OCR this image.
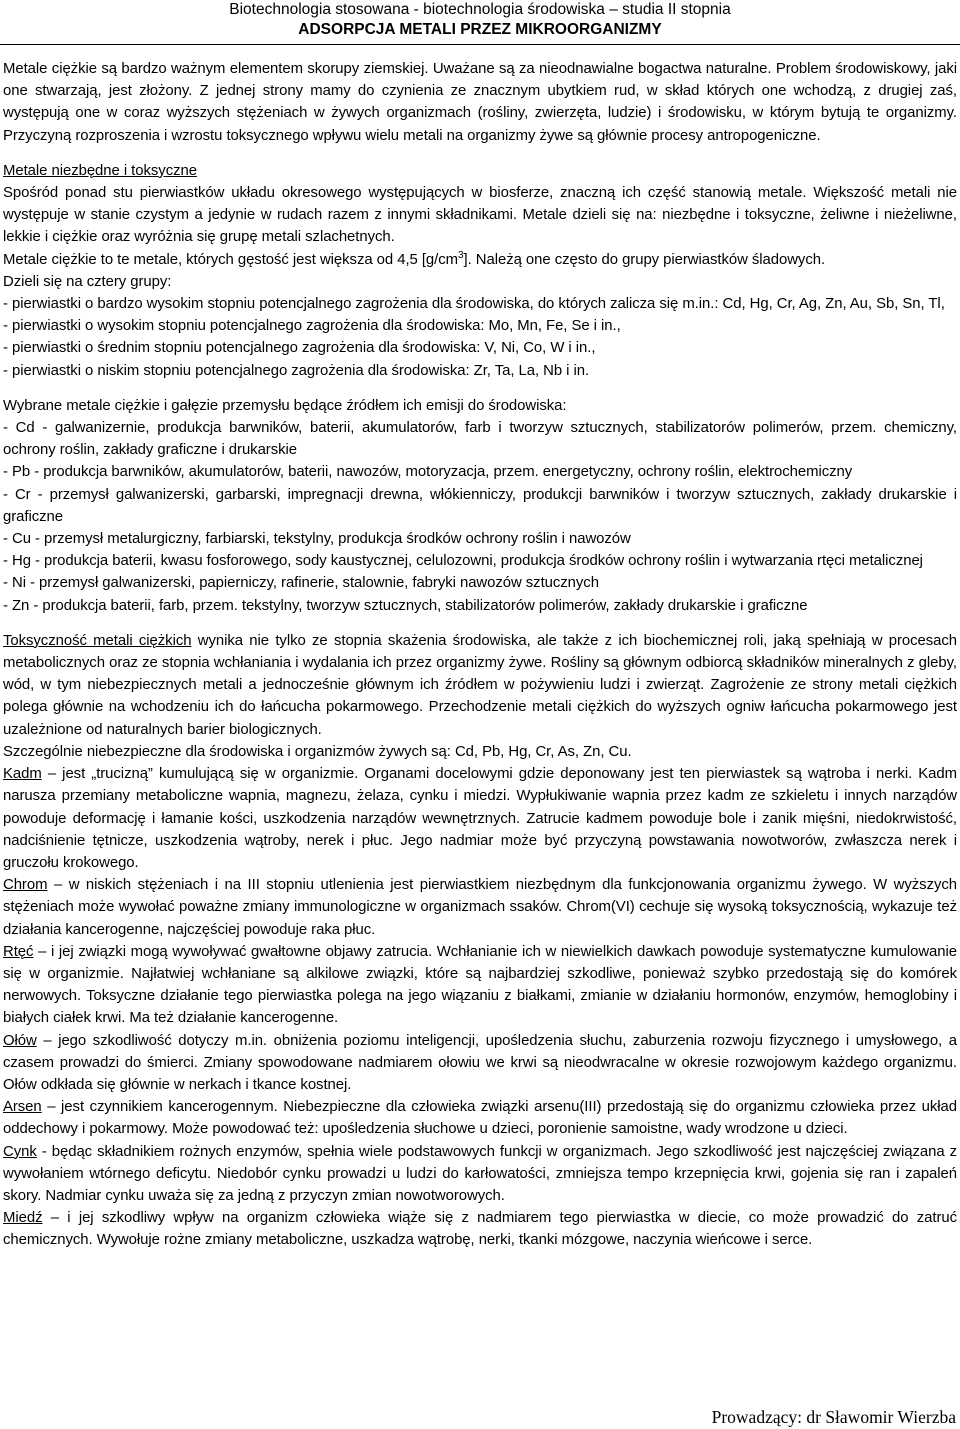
Biotechnologia stosowana - biotechnologia środowiska – studia II stopnia
ADSORPCJA METALI PRZEZ MIKROORGANIZMY

Metale ciężkie są bardzo ważnym elementem skorupy ziemskiej. Uważane są za nieodnawialne bogactwa naturalne. Problem środowiskowy, jaki one stwarzają, jest złożony. Z jednej strony mamy do czynienia ze znacznym ubytkiem rud, w skład których one wchodzą, z drugiej zaś, występują one w coraz wyższych stężeniach w żywych organizmach (rośliny, zwierzęta, ludzie) i środowisku, w którym bytują te organizmy. Przyczyną rozproszenia i wzrostu toksycznego wpływu wielu metali na organizmy żywe są głównie procesy antropogeniczne.

Metale niezbędne i toksyczne

Spośród ponad stu pierwiastków układu okresowego występujących w biosferze, znaczną ich część stanowią metale. Większość metali nie występuje w stanie czystym a jedynie w rudach razem z innymi składnikami. Metale dzieli się na: niezbędne i toksyczne, żeliwne i nieżeliwne, lekkie i ciężkie oraz wyróżnia się grupę metali szlachetnych.

Metale ciężkie to te metale, których gęstość jest większa od 4,5 $[g/cm^3]$. Należą one często do grupy pierwiastków śladowych.

Dzieli się na cztery grupy:

- pierwiastki o bardzo wysokim stopniu potencjalnego zagrożenia dla środowiska, do których zalicza się m.in.: Cd, Hg, Cr, Ag, Zn, Au, Sb, Sn, Tl,

- pierwiastki o wysokim stopniu potencjalnego zagrożenia dla środowiska: Mo, Mn, Fe, Se i in.,

- pierwiastki o średnim stopniu potencjalnego zagrożenia dla środowiska: V, Ni, Co, W i in.,

- pierwiastki o niskim stopniu potencjalnego zagrożenia dla środowiska: Zr, Ta, La, Nb i in.

Wybrane metale ciężkie i gałęzie przemysłu będące źródłem ich emisji do środowiska:

- Cd - galwanizernie, produkcja barwników, baterii, akumulatorów, farb i tworzyw sztucznych, stabilizatorów polimerów, przem. chemiczny, ochrony roślin, zakłady graficzne i drukarskie

- Pb - produkcja barwników, akumulatorów, baterii, nawozów, motoryzacja, przem. energetyczny, ochrony roślin, elektrochemiczny

- Cr - przemysł galwanizerski, garbarski, impregnacji drewna, włókienniczy, produkcji barwników i tworzyw sztucznych, zakłady drukarskie i graficzne

- Cu - przemysł metalurgiczny, farbiarski, tekstylny, produkcja środków ochrony roślin i nawozów

- Hg - produkcja baterii, kwasu fosforowego, sody kaustycznej, celulozowni, produkcja środków ochrony roślin i wytwarzania rtęci metalicznej

- Ni - przemysł galwanizerski, papierniczy, rafinerie, stalownie, fabryki nawozów sztucznych

- Zn - produkcja baterii, farb, przem. tekstylny, tworzyw sztucznych, stabilizatorów polimerów, zakłady drukarskie i graficzne

Toksyczność metali ciężkich wynika nie tylko ze stopnia skażenia środowiska, ale także z ich biochemicznej roli, jaką spełniają w procesach metabolicznych oraz ze stopnia wchłaniania i wydalania ich przez organizmy żywe. Rośliny są głównym odbiorcą składników mineralnych z gleby, wód, w tym niebezpiecznych metali a jednocześnie głównym ich źródłem w pożywieniu ludzi i zwierząt. Zagrożenie ze strony metali ciężkich polega głównie na wchodzeniu ich do łańcucha pokarmowego. Przechodzenie metali ciężkich do wyższych ogniw łańcucha pokarmowego jest uzależnione od naturalnych barier biologicznych.

Szczególnie niebezpieczne dla środowiska i organizmów żywych są: Cd, Pb, Hg, Cr, As, Zn, Cu.

Kadm – jest „trucizną” kumulującą się w organizmie. Organami docelowymi gdzie deponowany jest ten pierwiastek są wątroba i nerki. Kadm narusza przemiany metaboliczne wapnia, magnezu, żelaza, cynku i miedzi. Wypłukiwanie wapnia przez kadm ze szkieletu i innych narządów powoduje deformację i łamanie kości, uszkodzenia narządów wewnętrznych. Zatrucie kadmem powoduje bole i zanik mięśni, niedokrwistość, nadciśnienie tętnicze, uszkodzenia wątroby, nerek i płuc. Jego nadmiar może być przyczyną powstawania nowotworów, zwłaszcza nerek i gruczołu krokowego.

Chrom – w niskich stężeniach i na III stopniu utlenienia jest pierwiastkiem niezbędnym dla funkcjonowania organizmu żywego. W wyższych stężeniach może wywołać poważne zmiany immunologiczne w organizmach ssaków. Chrom(VI) cechuje się wysoką toksycznością, wykazuje też działania kancerogenne, najczęściej powoduje raka płuc.

Rtęć – i jej związki mogą wywoływać gwałtowne objawy zatrucia. Wchłanianie ich w niewielkich dawkach powoduje systematyczne kumulowanie się w organizmie. Najłatwiej wchłaniane są alkilowe związki, które są najbardziej szkodliwe, ponieważ szybko przedostają się do komórek nerwowych. Toksyczne działanie tego pierwiastka polega na jego wiązaniu z białkami, zmianie w działaniu hormonów, enzymów, hemoglobiny i białych ciałek krwi. Ma też działanie kancerogenne.

Ołów – jego szkodliwość dotyczy m.in. obniżenia poziomu inteligencji, upośledzenia słuchu, zaburzenia rozwoju fizycznego i umysłowego, a czasem prowadzi do śmierci. Zmiany spowodowane nadmiarem ołowiu we krwi są nieodwracalne w okresie rozwojowym każdego organizmu. Ołów odkłada się głównie w nerkach i tkance kostnej.

Arsen – jest czynnikiem kancerogennym. Niebezpieczne dla człowieka związki arsenu(III) przedostają się do organizmu człowieka przez układ oddechowy i pokarmowy. Może powodować też: upośledzenia słuchowe u dzieci, poronienie samoistne, wady wrodzone u dzieci.

Cynk - będąc składnikiem rożnych enzymów, spełnia wiele podstawowych funkcji w organizmach. Jego szkodliwość jest najczęściej związana z wywołaniem wtórnego deficytu. Niedobór cynku prowadzi u ludzi do karłowatości, zmniejsza tempo krzepnięcia krwi, gojenia się ran i zapaleń skory. Nadmiar cynku uważa się za jedną z przyczyn zmian nowotworowych.

Miedź – i jej szkodliwy wpływ na organizm człowieka wiąże się z nadmiarem tego pierwiastka w diecie, co może prowadzić do zatruć chemicznych. Wywołuje rożne zmiany metaboliczne, uszkadza wątrobę, nerki, tkanki mózgowe, naczynia wieńcowe i serce.

Prowadzący: dr Sławomir Wierzba
